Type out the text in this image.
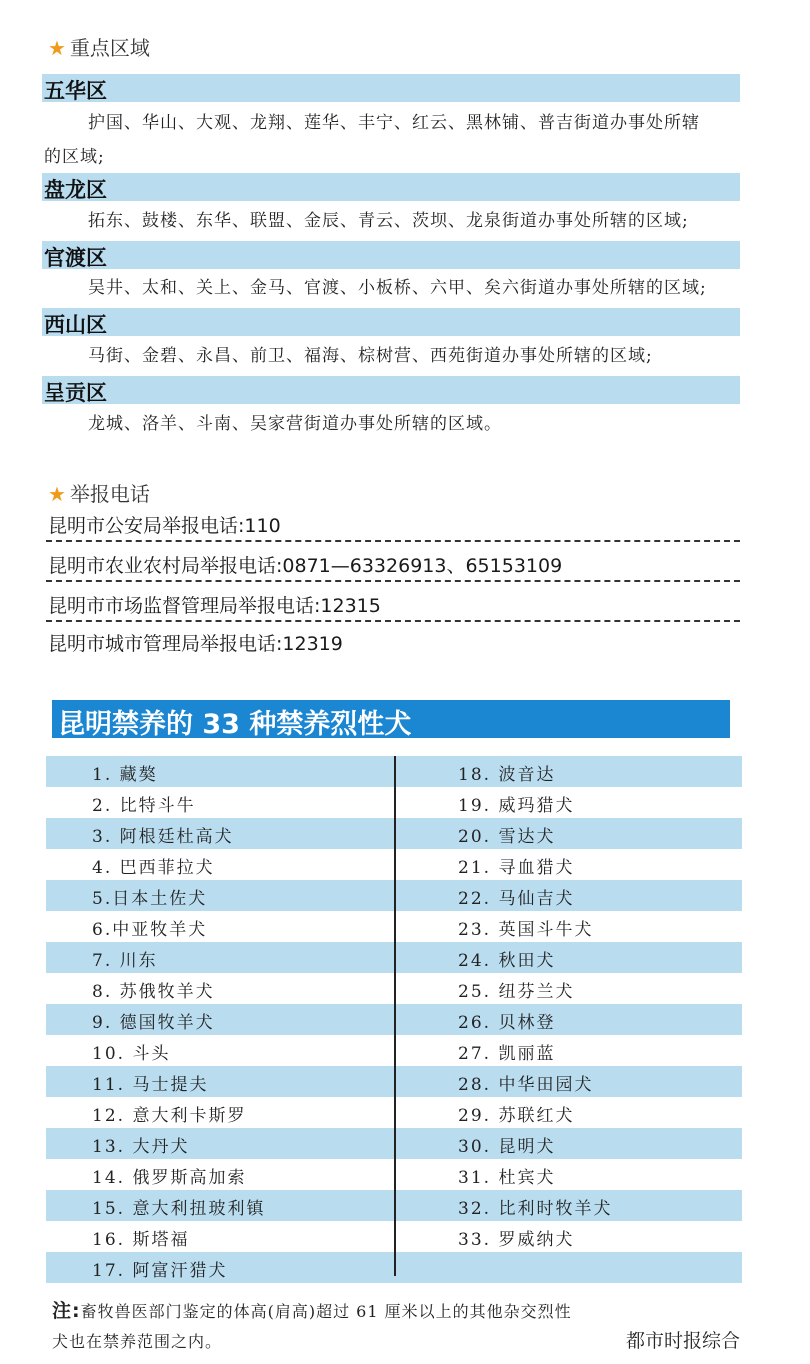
★ 重点区域
五华区
护国、华山、大观、龙翔、莲华、丰宁、红云、黑林铺、普吉街道办事处所辖
的区域;
盘龙区
拓东、鼓楼、东华、联盟、金辰、青云、茨坝、龙泉街道办事处所辖的区域;
官渡区
吴井、太和、关上、金马、官渡、小板桥、六甲、矣六街道办事处所辖的区域;
西山区
马街、金碧、永昌、前卫、福海、棕树营、西苑街道办事处所辖的区域;
呈贡区
龙城、洛羊、斗南、吴家营街道办事处所辖的区域。
★ 举报电话
昆明市公安局举报电话:110
昆明市农业农村局举报电话:0871—63326913、65153109
昆明市市场监督管理局举报电话:12315
昆明市城市管理局举报电话:12319
昆明禁养的 33 种禁养烈性犬
1. 藏獒	18. 波音达
2. 比特斗牛	19. 威玛猎犬
3. 阿根廷杜高犬	20. 雪达犬
4. 巴西菲拉犬	21. 寻血猎犬
5.日本土佐犬	22. 马仙吉犬
6.中亚牧羊犬	23. 英国斗牛犬
7. 川东	24. 秋田犬
8. 苏俄牧羊犬	25. 纽芬兰犬
9. 德国牧羊犬	26. 贝林登
10. 斗头	27. 凯丽蓝
11. 马士提夫	28. 中华田园犬
12. 意大利卡斯罗	29. 苏联红犬
13. 大丹犬	30. 昆明犬
14. 俄罗斯高加索	31. 杜宾犬
15. 意大利扭玻利镇	32. 比利时牧羊犬
16. 斯塔福	33. 罗威纳犬
17. 阿富汗猎犬
注:畜牧兽医部门鉴定的体高(肩高)超过 61 厘米以上的其他杂交烈性
犬也在禁养范围之内。	都市时报综合
